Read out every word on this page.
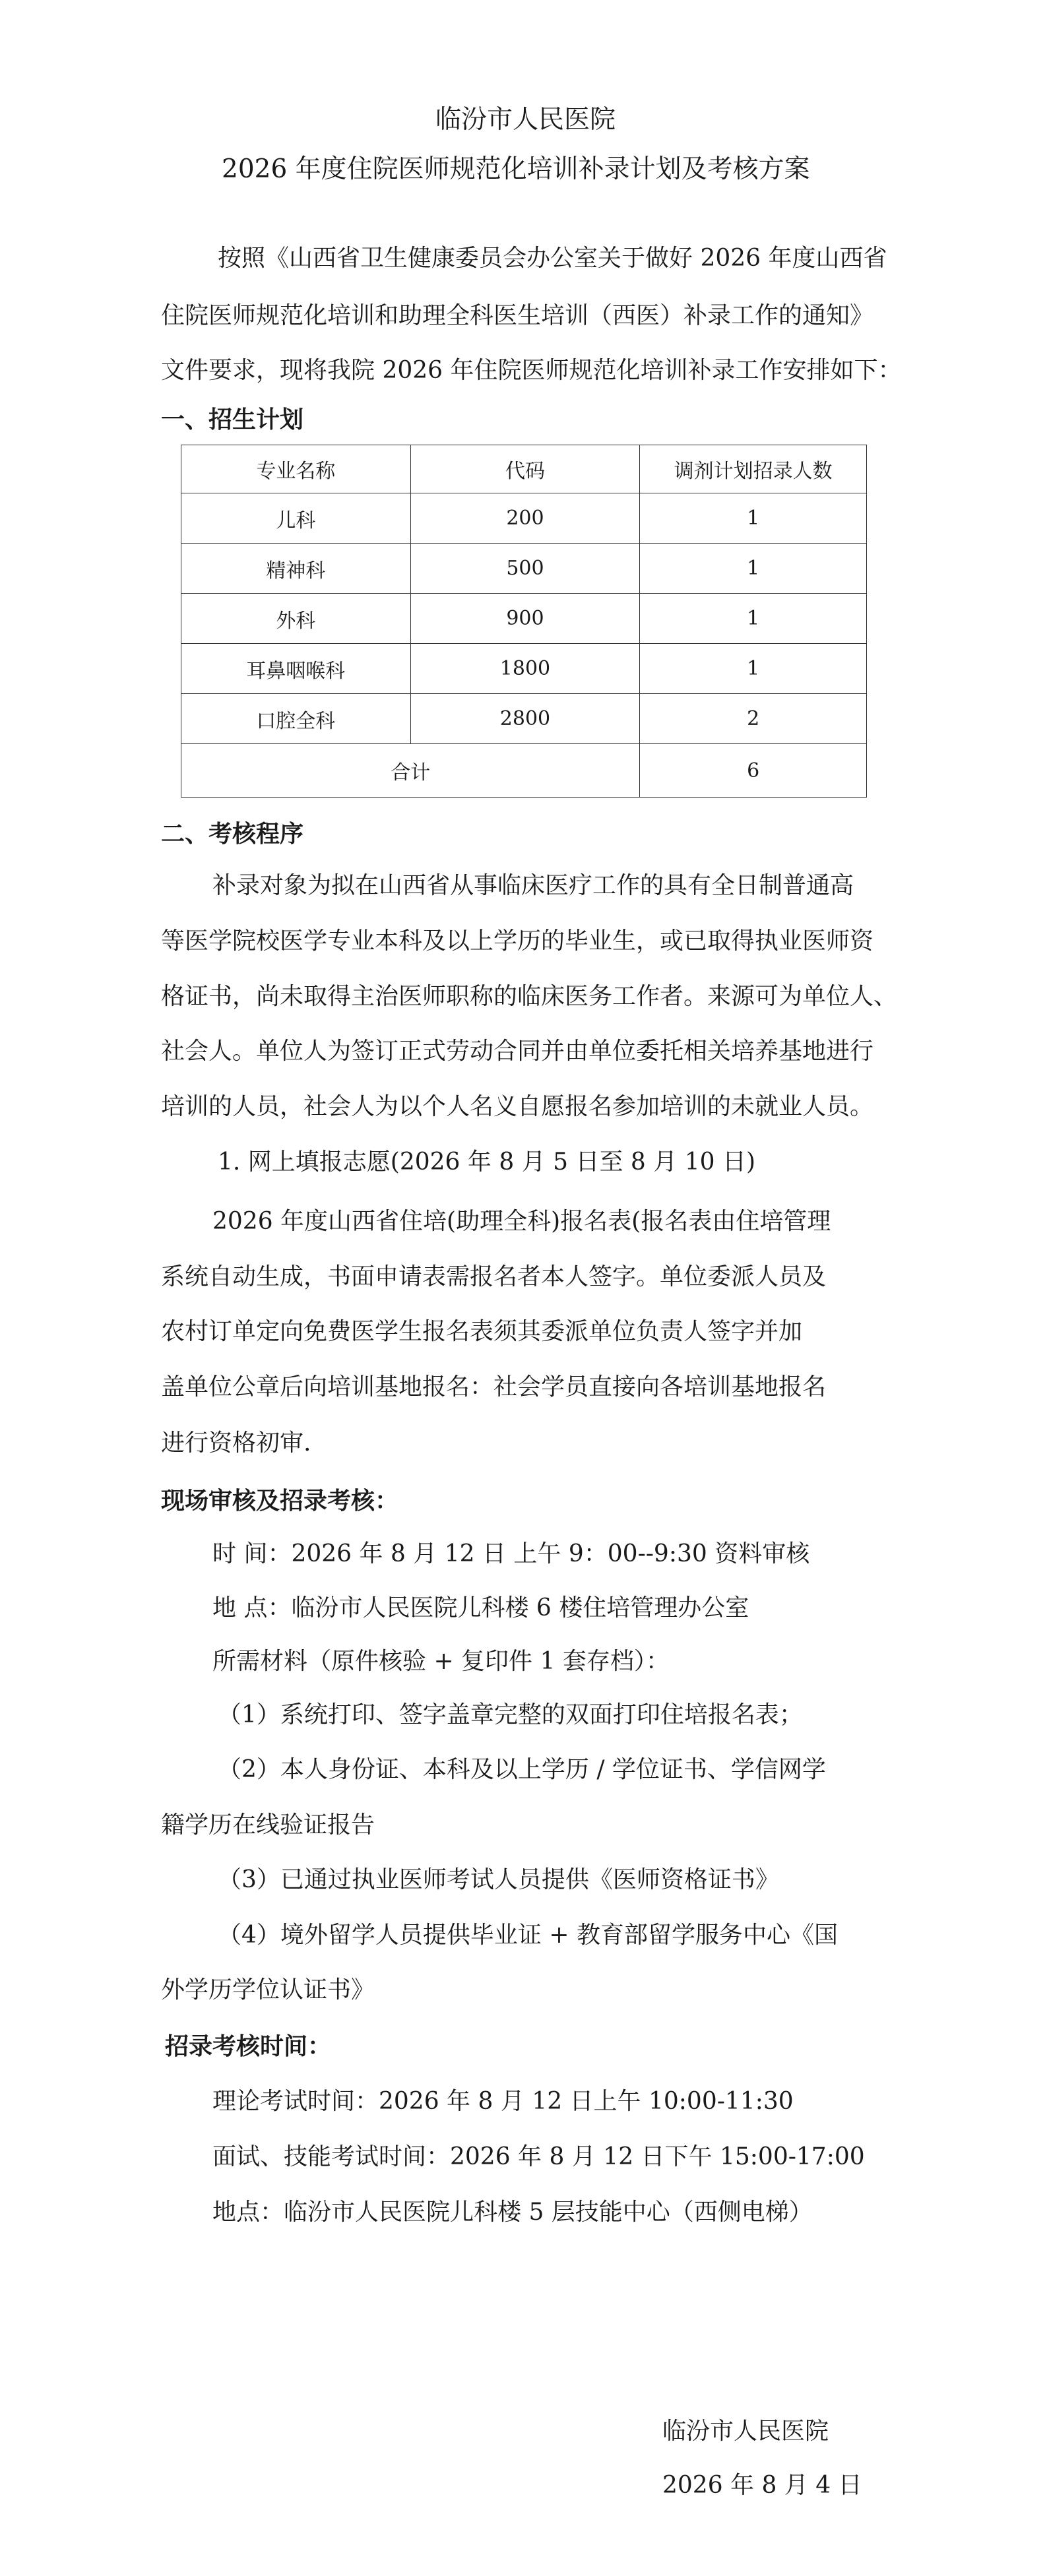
临汾市人民医院
2026 年度住院医师规范化培训补录计划及考核方案
按照《山西省卫生健康委员会办公室关于做好 2026 年度山西省
住院医师规范化培训和助理全科医生培训（西医）补录工作的通知》
文件要求，现将我院 2026 年住院医师规范化培训补录工作安排如下：
一、招生计划
专业名称	代码	调剂计划招录人数
儿科	200	1
精神科	500	1
外科	900	1
耳鼻咽喉科	1800	1
口腔全科	2800	2
合计		6
二、考核程序
补录对象为拟在山西省从事临床医疗工作的具有全日制普通高
等医学院校医学专业本科及以上学历的毕业生，或已取得执业医师资
格证书，尚未取得主治医师职称的临床医务工作者。来源可为单位人、
社会人。单位人为签订正式劳动合同并由单位委托相关培养基地进行
培训的人员，社会人为以个人名义自愿报名参加培训的未就业人员。
1. 网上填报志愿(2026 年 8 月 5 日至 8 月 10 日)
2026 年度山西省住培(助理全科)报名表(报名表由住培管理
系统自动生成，书面申请表需报名者本人签字。单位委派人员及
农村订单定向免费医学生报名表须其委派单位负责人签字并加
盖单位公章后向培训基地报名：社会学员直接向各培训基地报名
进行资格初审.
现场审核及招录考核：
时 间：2026 年 8 月 12 日 上午 9：00--9:30 资料审核
地 点：临汾市人民医院儿科楼 6 楼住培管理办公室
所需材料（原件核验 + 复印件 1 套存档）：
（1）系统打印、签字盖章完整的双面打印住培报名表；
（2）本人身份证、本科及以上学历 / 学位证书、学信网学
籍学历在线验证报告
（3）已通过执业医师考试人员提供《医师资格证书》
（4）境外留学人员提供毕业证 + 教育部留学服务中心《国
外学历学位认证书》
招录考核时间：
理论考试时间：2026 年 8 月 12 日上午 10:00-11:30
面试、技能考试时间：2026 年 8 月 12 日下午 15:00-17:00
地点：临汾市人民医院儿科楼 5 层技能中心（西侧电梯）
临汾市人民医院
2026 年 8 月 4 日
